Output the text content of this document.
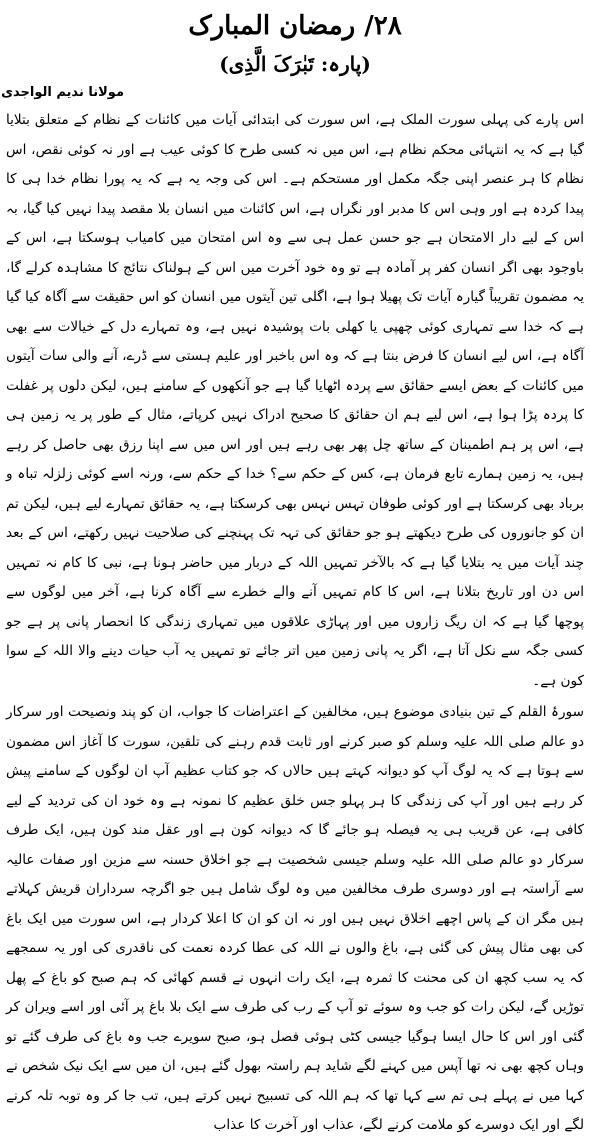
۲۸/ رمضان المبارک
(پارہ: تَبٰرَکَ الَّذِی)
مولانا ندیم الواجدی

اس پارے کی پہلی سورت الملک ہے، اس سورت کی ابتدائی آیات میں کائنات کے نظام کے متعلق بتلایا گیا ہے کہ یہ انتہائی محکم نظام ہے، اس میں نہ کسی طرح کا کوئی عیب ہے اور نہ کوئی نقص، اس نظام کا ہر عنصر اپنی جگہ مکمل اور مستحکم ہے۔ اس کی وجہ یہ ہے کہ یہ پورا نظام خدا ہی کا پیدا کردہ ہے اور وہی اس کا مدبر اور نگراں ہے، اس کائنات میں انسان بلا مقصد پیدا نہیں کیا گیا، بہ اس کے لیے دار الامتحان ہے جو حسن عمل ہی سے وہ اس امتحان میں کامیاب ہوسکتا ہے، اس کے باوجود بھی اگر انسان کفر پر آمادہ ہے تو وہ خود آخرت میں اس کے ہولناک نتائج کا مشاہدہ کرلے گا، یہ مضمون تقریباً گیارہ آیات تک پھیلا ہوا ہے، اگلی تین آیتوں میں انسان کو اس حقیقت سے آگاہ کیا گیا ہے کہ خدا سے تمہاری کوئی چھپی یا کھلی بات پوشیدہ نہیں ہے، وہ تمہارے دل کے خیالات سے بھی آگاہ ہے، اس لیے انسان کا فرض بنتا ہے کہ وہ اس باخبر اور علیم ہستی سے ڈرے، آنے والی سات آیتوں میں کائنات کے بعض ایسے حقائق سے پردہ اٹھایا گیا ہے جو آنکھوں کے سامنے ہیں، لیکن دلوں پر غفلت کا پردہ پڑا ہوا ہے، اس لیے ہم ان حقائق کا صحیح ادراک نہیں کرپاتے، مثال کے طور پر یہ زمین ہی ہے، اس پر ہم اطمینان کے ساتھ چل پھر بھی رہے ہیں اور اس میں سے اپنا رزق بھی حاصل کر رہے ہیں، یہ زمین ہمارے تابع فرمان ہے، کس کے حکم سے؟ خدا کے حکم سے، ورنہ اسے کوئی زلزلہ تباہ و برباد بھی کرسکتا ہے اور کوئی طوفان تہس نہس بھی کرسکتا ہے، یہ حقائق تمہارے لیے ہیں، لیکن تم ان کو جانوروں کی طرح دیکھتے ہو جو حقائق کی تہہ تک پہنچنے کی صلاحیت نہیں رکھتے، اس کے بعد چند آیات میں یہ بتلایا گیا ہے کہ بالآخر تمہیں اللہ کے دربار میں حاضر ہونا ہے، نبی کا کام نہ تمہیں اس دن اور تاریخ بتلانا ہے، اس کا کام تمہیں آنے والے خطرے سے آگاہ کرنا ہے، آخر میں لوگوں سے پوچھا گیا ہے کہ ان ریگ زاروں میں اور پہاڑی علاقوں میں تمہاری زندگی کا انحصار پانی پر ہے جو کسی جگہ سے نکل آتا ہے، اگر یہ پانی زمین میں اتر جائے تو تمہیں یہ آب حیات دینے والا اللہ کے سوا کون ہے۔

سورۂ القلم کے تین بنیادی موضوع ہیں، مخالفین کے اعتراضات کا جواب، ان کو پند ونصیحت اور سرکار دو عالم صلی اللہ علیہ وسلم کو صبر کرنے اور ثابت قدم رہنے کی تلقین، سورت کا آغاز اس مضمون سے ہوتا ہے کہ یہ لوگ آپ کو دیوانہ کہتے ہیں حالاں کہ جو کتاب عظیم آپ ان لوگوں کے سامنے پیش کر رہے ہیں اور آپ کی زندگی کا ہر پہلو جس خلق عظیم کا نمونہ ہے وہ خود ان کی تردید کے لیے کافی ہے، عن قریب ہی یہ فیصلہ ہو جائے گا کہ دیوانہ کون ہے اور عقل مند کون ہیں، ایک طرف سرکار دو عالم صلی اللہ علیہ وسلم جیسی شخصیت ہے جو اخلاق حسنہ سے مزین اور صفات عالیہ سے آراستہ ہے اور دوسری طرف مخالفین میں وہ لوگ شامل ہیں جو اگرچہ سرداران قریش کہلاتے ہیں مگر ان کے پاس اچھے اخلاق نہیں ہیں اور نہ ان کو ان کا اعلا کردار ہے، اس سورت میں ایک باغ کی بھی مثال پیش کی گئی ہے، باغ والوں نے اللہ کی عطا کردہ نعمت کی ناقدری کی اور یہ سمجھے کہ یہ سب کچھ ان کی محنت کا ثمرہ ہے، ایک رات انہوں نے قسم کھائی کہ ہم صبح کو باغ کے پھل توڑیں گے، لیکن رات کو جب وہ سوئے تو آپ کے رب کی طرف سے ایک بلا باغ پر آئی اور اسے ویران کر گئی اور اس کا حال ایسا ہوگیا جیسی کٹی ہوئی فصل ہو، صبح سویرے جب وہ باغ کی طرف گئے تو وہاں کچھ بھی نہ تھا آپس میں کہنے لگے شاید ہم راستہ بھول گئے ہیں، ان میں سے ایک نیک شخص نے کہا میں نے پہلے ہی تم سے کہا تھا کہ ہم اللہ کی تسبیح نہیں کرتے ہیں، تب جا کر وہ توبہ تلہ کرنے لگے اور ایک دوسرے کو ملامت کرنے لگے، عذاب اور آخرت کا عذاب
